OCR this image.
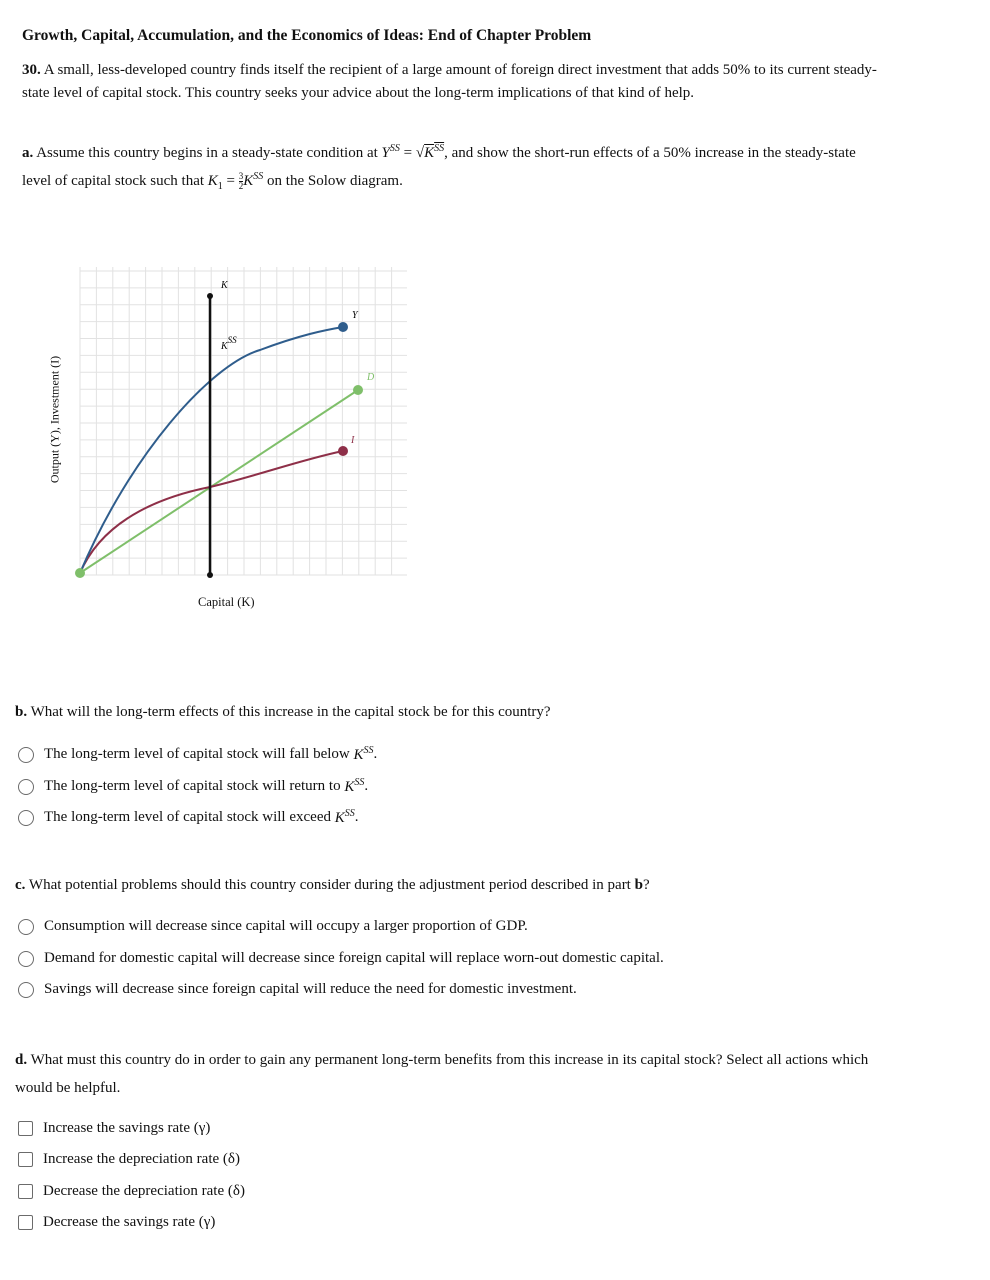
Growth, Capital, Accumulation, and the Economics of Ideas: End of Chapter Problem
30. A small, less-developed country finds itself the recipient of a large amount of foreign direct investment that adds 50% to its current steady-state level of capital stock. This country seeks your advice about the long-term implications of that kind of help.
a. Assume this country begins in a steady-state condition at $Y^{SS} = √K^{SS}$, and show the short-run effects of a 50% increase in the steady-state level of capital stock such that $K_1 = \frac{3}{2} K^{SS}$ on the Solow diagram.
Output (Y), Investment (I)
K
KSS
Y
D
I
Capital (K)
b. What will the long-term effects of this increase in the capital stock be for this country?
The long-term level of capital stock will fall below
$K^{SS}$ .
The long-term level of capital stock will return to
$K^{SS}$ .
The long-term level of capital stock will exceed
$K^{SS}$ .
c. What potential problems should this country consider during the adjustment period described in part b?
Consumption will decrease since capital will occupy a larger proportion of GDP.
Demand for domestic capital will decrease since foreign capital will replace worn-out domestic capital.
Savings will decrease since foreign capital will reduce the need for domestic investment.
d. What must this country do in order to gain any permanent long-term benefits from this increase in its capital stock? Select all actions which would be helpful.
Increase the savings rate (γ)
Increase the depreciation rate (δ)
Decrease the depreciation rate (δ)
Decrease the savings rate (γ)
